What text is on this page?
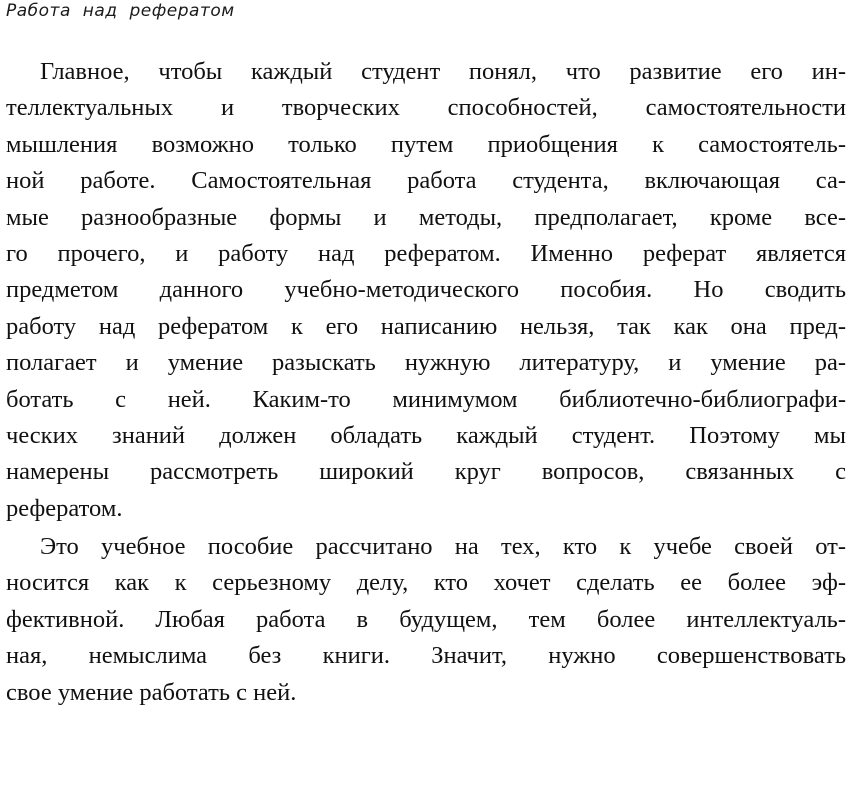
Работа над рефератом
Главное, чтобы каждый студент понял, что развитие его ин-
теллектуальных и творческих способностей, самостоятельности
мышления возможно только путем приобщения к самостоятель-
ной работе. Самостоятельная работа студента, включающая са-
мые разнообразные формы и методы, предполагает, кроме все-
го прочего, и работу над рефератом. Именно реферат является
предметом данного учебно-методического пособия. Но сводить
работу над рефератом к его написанию нельзя, так как она пред-
полагает и умение разыскать нужную литературу, и умение ра-
ботать с ней. Каким-то минимумом библиотечно-библиографи-
ческих знаний должен обладать каждый студент. Поэтому мы
намерены рассмотреть широкий круг вопросов, связанных с
рефератом.
Это учебное пособие рассчитано на тех, кто к учебе своей от-
носится как к серьезному делу, кто хочет сделать ее более эф-
фективной. Любая работа в будущем, тем более интеллектуаль-
ная, немыслима без книги. Значит, нужно совершенствовать
свое умение работать с ней.
